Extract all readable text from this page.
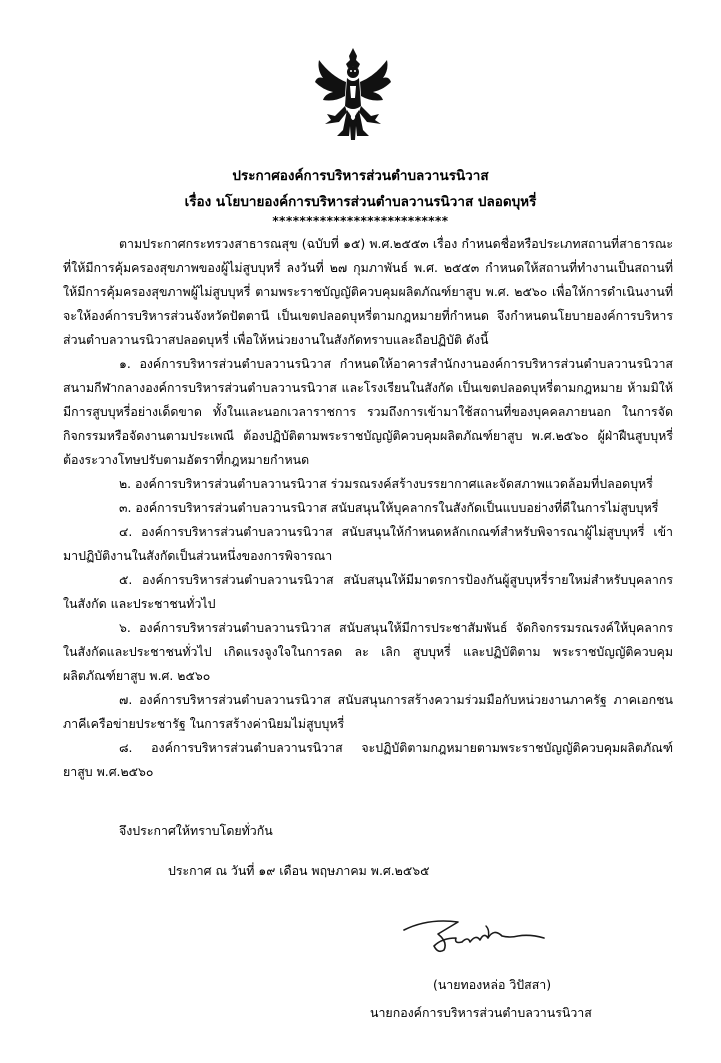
ประกาศองค์การบริหารส่วนตำบลวานรนิวาส
เรื่อง นโยบายองค์การบริหารส่วนตำบลวานรนิวาส ปลอดบุหรี่
**************************

ตามประกาศกระทรวงสาธารณสุข (ฉบับที่ ๑๕) พ.ศ.๒๕๕๓ เรื่อง กำหนดชื่อหรือประเภทสถานที่สาธารณะที่ให้มีการคุ้มครองสุขภาพของผู้ไม่สูบบุหรี่ ลงวันที่ ๒๗ กุมภาพันธ์ พ.ศ. ๒๕๕๓ กำหนดให้สถานที่ทำงานเป็นสถานที่ให้มีการคุ้มครองสุขภาพผู้ไม่สูบบุหรี่ ตามพระราชบัญญัติควบคุมผลิตภัณฑ์ยาสูบ พ.ศ. ๒๕๖๐ เพื่อให้การดำเนินงานที่จะให้องค์การบริหารส่วนจังหวัดปัตตานี เป็นเขตปลอดบุหรี่ตามกฎหมายที่กำหนด จึงกำหนดนโยบายองค์การบริหารส่วนตำบลวานรนิวาสปลอดบุหรี่ เพื่อให้หน่วยงานในสังกัดทราบและถือปฏิบัติ ดังนี้

๑. องค์การบริหารส่วนตำบลวานรนิวาส กำหนดให้อาคารสำนักงานองค์การบริหารส่วนตำบลวานรนิวาส สนามกีฬากลางองค์การบริหารส่วนตำบลวานรนิวาส และโรงเรียนในสังกัด เป็นเขตปลอดบุหรี่ตามกฎหมาย ห้ามมิให้มีการสูบบุหรี่อย่างเด็ดขาด ทั้งในและนอกเวลาราชการ รวมถึงการเข้ามาใช้สถานที่ของบุคคลภายนอก ในการจัดกิจกรรมหรือจัดงานตามประเพณี ต้องปฏิบัติตามพระราชบัญญัติควบคุมผลิตภัณฑ์ยาสูบ พ.ศ.๒๕๖๐ ผู้ฝ่าฝืนสูบบุหรี่ต้องระวางโทษปรับตามอัตราที่กฎหมายกำหนด

๒. องค์การบริหารส่วนตำบลวานรนิวาส ร่วมรณรงค์สร้างบรรยากาศและจัดสภาพแวดล้อมที่ปลอดบุหรี่

๓. องค์การบริหารส่วนตำบลวานรนิวาส สนับสนุนให้บุคลากรในสังกัดเป็นแบบอย่างที่ดีในการไม่สูบบุหรี่

๔. องค์การบริหารส่วนตำบลวานรนิวาส สนับสนุนให้กำหนดหลักเกณฑ์สำหรับพิจารณาผู้ไม่สูบบุหรี่ เข้ามาปฏิบัติงานในสังกัดเป็นส่วนหนึ่งของการพิจารณา

๕. องค์การบริหารส่วนตำบลวานรนิวาส สนับสนุนให้มีมาตรการป้องกันผู้สูบบุหรี่รายใหม่สำหรับบุคลากร ในสังกัด และประชาชนทั่วไป

๖. องค์การบริหารส่วนตำบลวานรนิวาส สนับสนุนให้มีการประชาสัมพันธ์ จัดกิจกรรมรณรงค์ให้บุคลากร ในสังกัดและประชาชนทั่วไป เกิดแรงจูงใจในการลด ละ เลิก สูบบุหรี่ และปฏิบัติตาม พระราชบัญญัติควบคุม ผลิตภัณฑ์ยาสูบ พ.ศ. ๒๕๖๐

๗. องค์การบริหารส่วนตำบลวานรนิวาส สนับสนุนการสร้างความร่วมมือกับหน่วยงานภาครัฐ ภาคเอกชน ภาคีเครือข่ายประชารัฐ ในการสร้างค่านิยมไม่สูบบุหรี่

๘. องค์การบริหารส่วนตำบลวานรนิวาส จะปฏิบัติตามกฎหมายตามพระราชบัญญัติควบคุมผลิตภัณฑ์ ยาสูบ พ.ศ.๒๕๖๐

จึงประกาศให้ทราบโดยทั่วกัน
ประกาศ ณ วันที่ ๑๙ เดือน พฤษภาคม พ.ศ.๒๕๖๕
(นายทองหล่อ วิปัสสา)
นายกองค์การบริหารส่วนตำบลวานรนิวาส
